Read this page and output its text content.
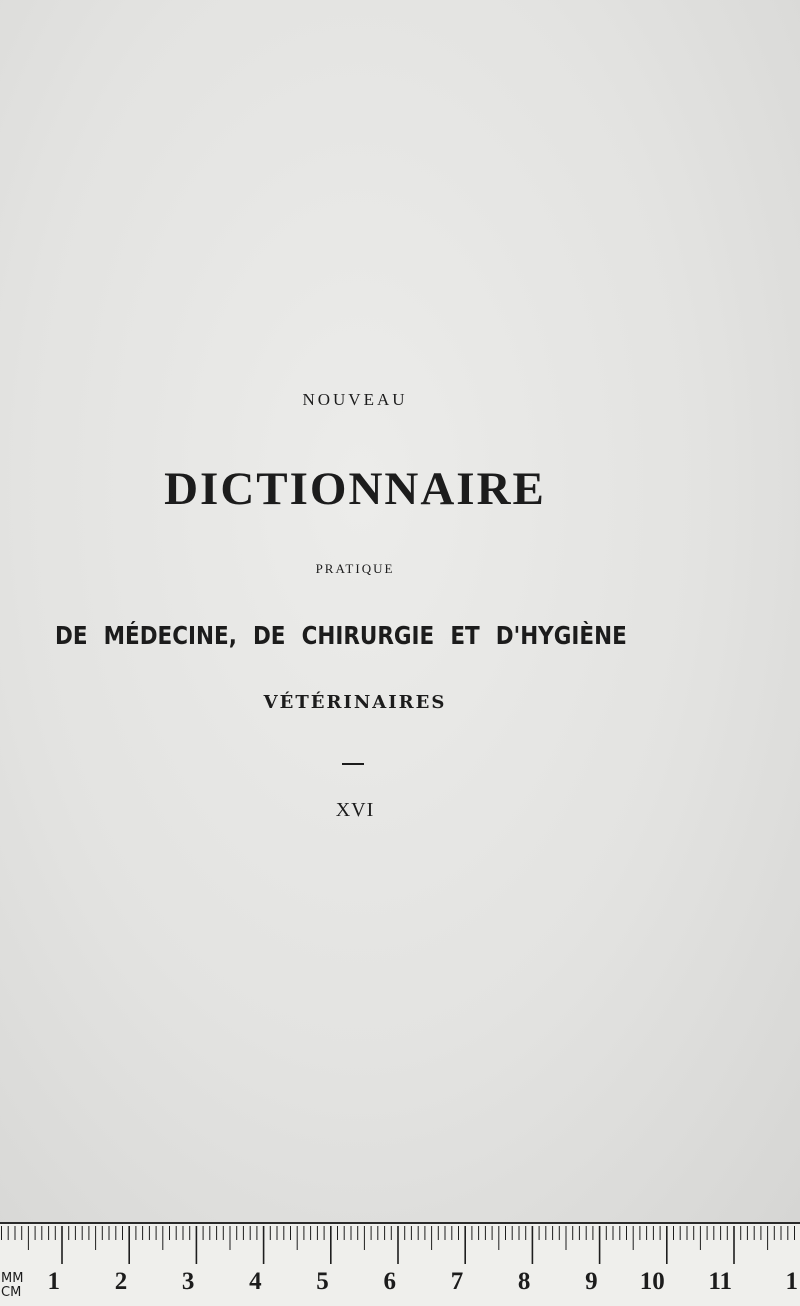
NOUVEAU
DICTIONNAIRE
PRATIQUE
DE MÉDECINE, DE CHIRURGIE ET D'HYGIÈNE
VÉTÉRINAIRES
XVI
MM
CM 1 2 3 4 5 6 7 8 9 10 11 1
